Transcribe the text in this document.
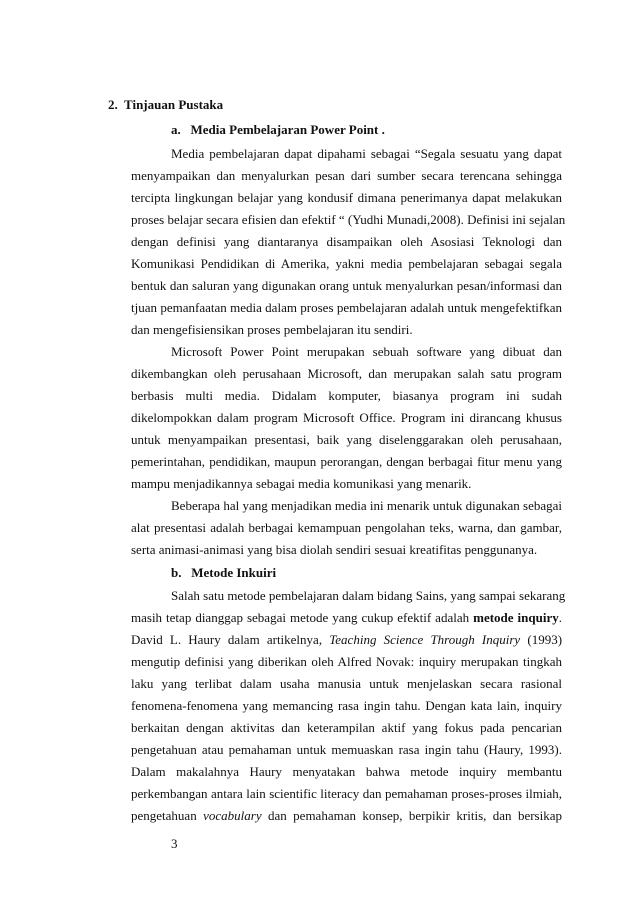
2. Tinjauan Pustaka
a. Media Pembelajaran Power Point .
Media pembelajaran dapat dipahami sebagai “Segala sesuatu yang dapat
menyampaikan dan menyalurkan pesan dari sumber secara terencana sehingga
tercipta lingkungan belajar yang kondusif dimana penerimanya dapat melakukan
proses belajar secara efisien dan efektif “ (Yudhi Munadi,2008). Definisi ini sejalan
dengan definisi yang diantaranya disampaikan oleh Asosiasi Teknologi dan
Komunikasi Pendidikan di Amerika, yakni media pembelajaran sebagai segala
bentuk dan saluran yang digunakan orang untuk menyalurkan pesan/informasi dan
tjuan pemanfaatan media dalam proses pembelajaran adalah untuk mengefektifkan
dan mengefisiensikan proses pembelajaran itu sendiri.
Microsoft Power Point merupakan sebuah software yang dibuat dan
dikembangkan oleh perusahaan Microsoft, dan merupakan salah satu program
berbasis multi media. Didalam komputer, biasanya program ini sudah
dikelompokkan dalam program Microsoft Office. Program ini dirancang khusus
untuk menyampaikan presentasi, baik yang diselenggarakan oleh perusahaan,
pemerintahan, pendidikan, maupun perorangan, dengan berbagai fitur menu yang
mampu menjadikannya sebagai media komunikasi yang menarik.
Beberapa hal yang menjadikan media ini menarik untuk digunakan sebagai
alat presentasi adalah berbagai kemampuan pengolahan teks, warna, dan gambar,
serta animasi-animasi yang bisa diolah sendiri sesuai kreatifitas penggunanya.
b. Metode Inkuiri
Salah satu metode pembelajaran dalam bidang Sains, yang sampai sekarang
masih tetap dianggap sebagai metode yang cukup efektif adalah metode inquiry.
David L. Haury dalam artikelnya, Teaching Science Through Inquiry (1993)
mengutip definisi yang diberikan oleh Alfred Novak: inquiry merupakan tingkah
laku yang terlibat dalam usaha manusia untuk menjelaskan secara rasional
fenomena-fenomena yang memancing rasa ingin tahu. Dengan kata lain, inquiry
berkaitan dengan aktivitas dan keterampilan aktif yang fokus pada pencarian
pengetahuan atau pemahaman untuk memuaskan rasa ingin tahu (Haury, 1993).
Dalam makalahnya Haury menyatakan bahwa metode inquiry membantu
perkembangan antara lain scientific literacy dan pemahaman proses-proses ilmiah,
pengetahuan vocabulary dan pemahaman konsep, berpikir kritis, dan bersikap
3
